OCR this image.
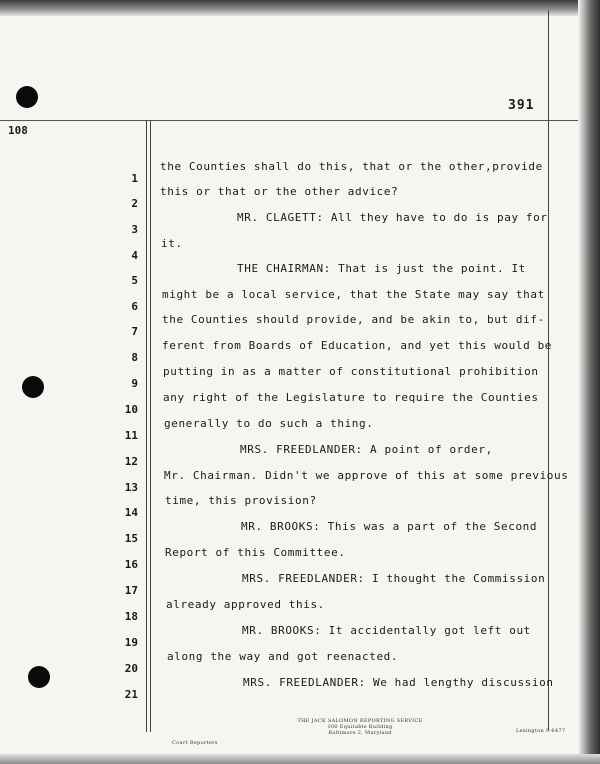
391
108
1
the Counties shall do this, that or the other,provide
2
this or that or the other advice?
3
MR. CLAGETT: All they have to do is pay for
4
it.
5
THE CHAIRMAN: That is just the point. It
6
might be a local service, that the State may say that
7
the Counties should provide, and be akin to, but dif-
8
ferent from Boards of Education, and yet this would be
9
putting in as a matter of constitutional prohibition
10
any right of the Legislature to require the Counties
11
generally to do such a thing.
12
MRS. FREEDLANDER: A point of order,
13
Mr. Chairman. Didn't we approve of this at some previous
14
time, this provision?
15
MR. BROOKS: This was a part of the Second
16
Report of this Committee.
17
MRS. FREEDLANDER: I thought the Commission
18
already approved this.
19
MR. BROOKS: It accidentally got left out
20
along the way and got reenacted.
21
MRS. FREEDLANDER: We had lengthy discussion
Court Reporters
THE JACK SALOMON REPORTING SERVICE
100 Equitable Building
Baltimore 2, Maryland	Lexington 9-6477
